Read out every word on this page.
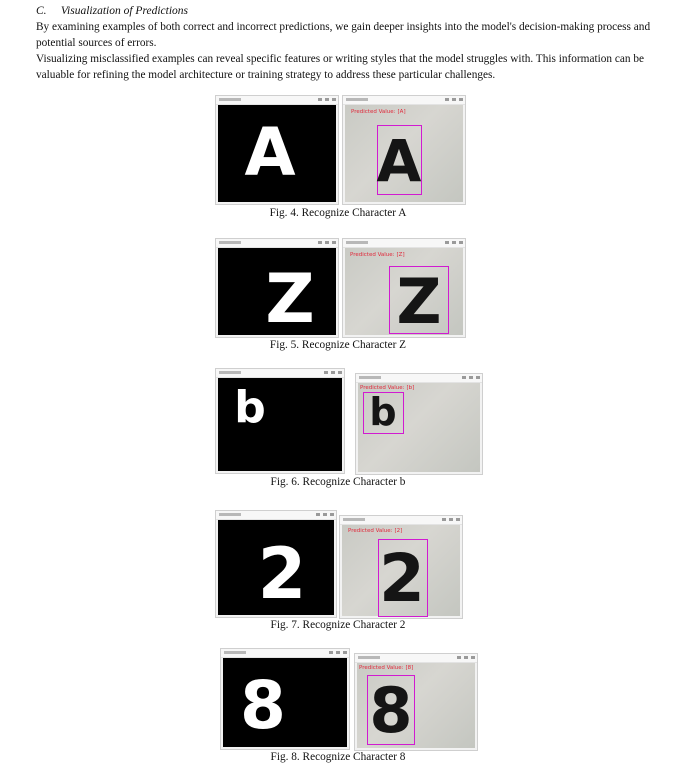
C. Visualization of Predictions

By examining examples of both correct and incorrect predictions, we gain deeper insights into the model's decision-making process and potential sources of errors.

Visualizing misclassified examples can reveal specific features or writing styles that the model struggles with. This information can be valuable for refining the model architecture or training strategy to address these particular challenges.

A
Predicted Value: [A]
A
Fig. 4. Recognize Character A
Z
Predicted Value: [Z]
Z
Fig. 5. Recognize Character Z
b	Predicted Value: [b]
b
Fig. 6. Recognize Character b
2
Predicted Value: [2]
2
Fig. 7. Recognize Character 2
8	Predicted Value: [8]
8
Fig. 8. Recognize Character 8
